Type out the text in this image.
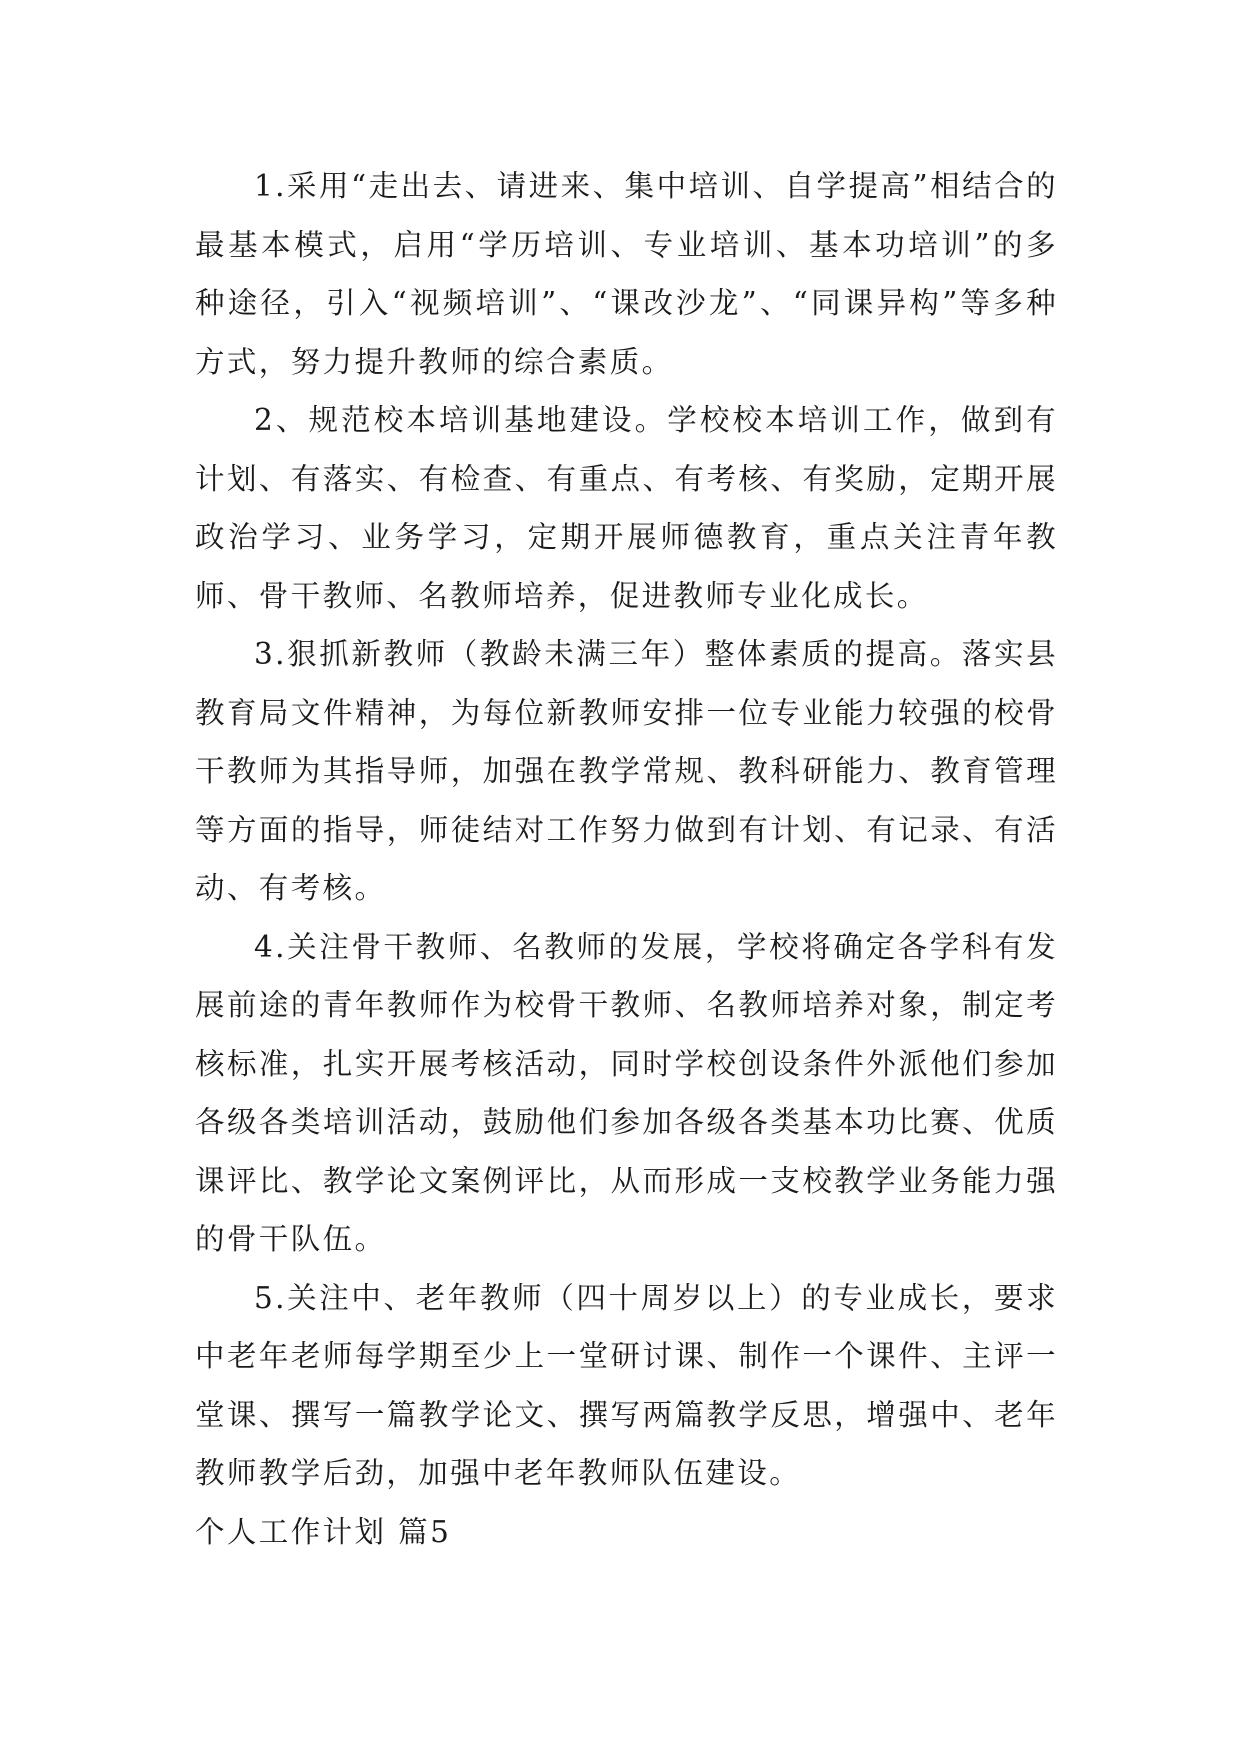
1.采用“走出去、请进来、集中培训、自学提高”相结合的最基本模式，启用“学历培训、专业培训、基本功培训”的多种途径，引入“视频培训”、“课改沙龙”、“同课异构”等多种方式，努力提升教师的综合素质。

2、规范校本培训基地建设。学校校本培训工作，做到有计划、有落实、有检查、有重点、有考核、有奖励，定期开展政治学习、业务学习，定期开展师德教育，重点关注青年教师、骨干教师、名教师培养，促进教师专业化成长。

3.狠抓新教师（教龄未满三年）整体素质的提高。落实县教育局文件精神，为每位新教师安排一位专业能力较强的校骨干教师为其指导师，加强在教学常规、教科研能力、教育管理等方面的指导，师徒结对工作努力做到有计划、有记录、有活动、有考核。

4.关注骨干教师、名教师的发展，学校将确定各学科有发展前途的青年教师作为校骨干教师、名教师培养对象，制定考核标准，扎实开展考核活动，同时学校创设条件外派他们参加各级各类培训活动，鼓励他们参加各级各类基本功比赛、优质课评比、教学论文案例评比，从而形成一支校教学业务能力强的骨干队伍。

5.关注中、老年教师（四十周岁以上）的专业成长，要求中老年老师每学期至少上一堂研讨课、制作一个课件、主评一堂课、撰写一篇教学论文、撰写两篇教学反思，增强中、老年教师教学后劲，加强中老年教师队伍建设。

个人工作计划 篇5
